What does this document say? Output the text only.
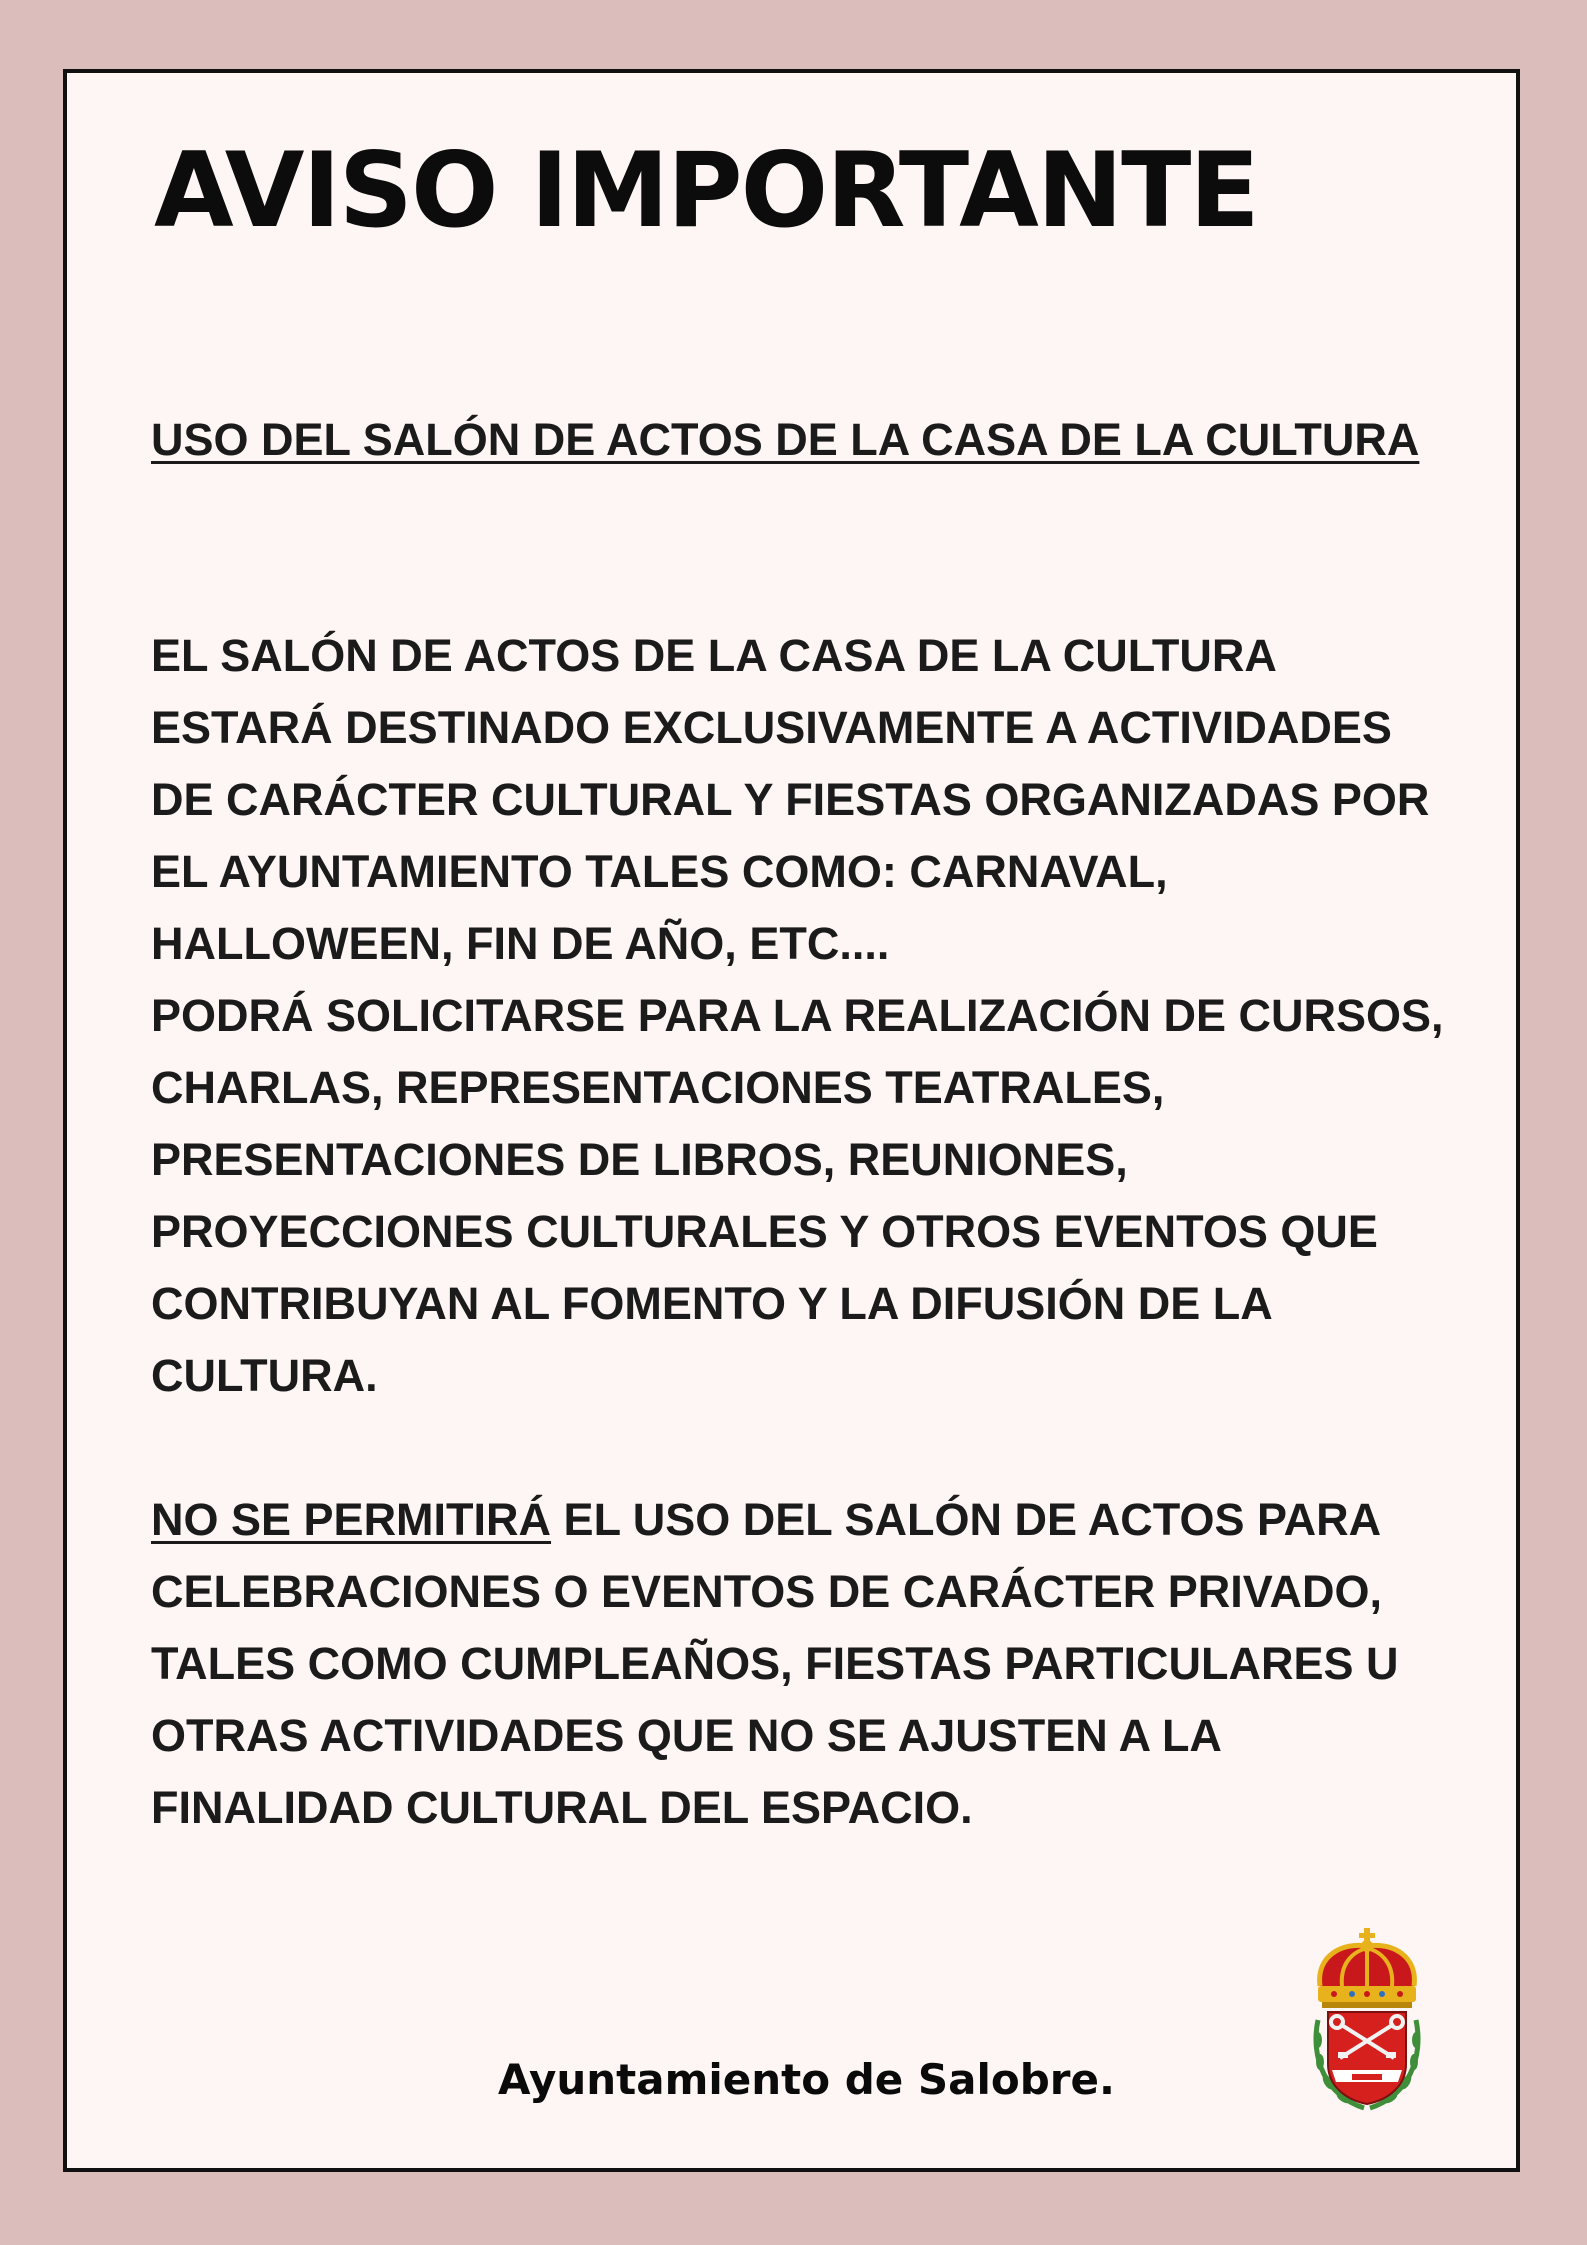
AVISO IMPORTANTE

USO DEL SALÓN DE ACTOS DE LA CASA DE LA CULTURA

EL SALÓN DE ACTOS DE LA CASA DE LA CULTURA ESTARÁ DESTINADO EXCLUSIVAMENTE A ACTIVIDADES DE CARÁCTER CULTURAL Y FIESTAS ORGANIZADAS POR EL AYUNTAMIENTO TALES COMO: CARNAVAL, HALLOWEEN, FIN DE AÑO, ETC....

PODRÁ SOLICITARSE PARA LA REALIZACIÓN DE CURSOS, CHARLAS, REPRESENTACIONES TEATRALES, PRESENTACIONES DE LIBROS, REUNIONES, PROYECCIONES CULTURALES Y OTROS EVENTOS QUE CONTRIBUYAN AL FOMENTO Y LA DIFUSIÓN DE LA CULTURA.

NO SE PERMITIRÁ EL USO DEL SALÓN DE ACTOS PARA CELEBRACIONES O EVENTOS DE CARÁCTER PRIVADO, TALES COMO CUMPLEAÑOS, FIESTAS PARTICULARES U OTRAS ACTIVIDADES QUE NO SE AJUSTEN A LA FINALIDAD CULTURAL DEL ESPACIO.

Ayuntamiento de Salobre.
